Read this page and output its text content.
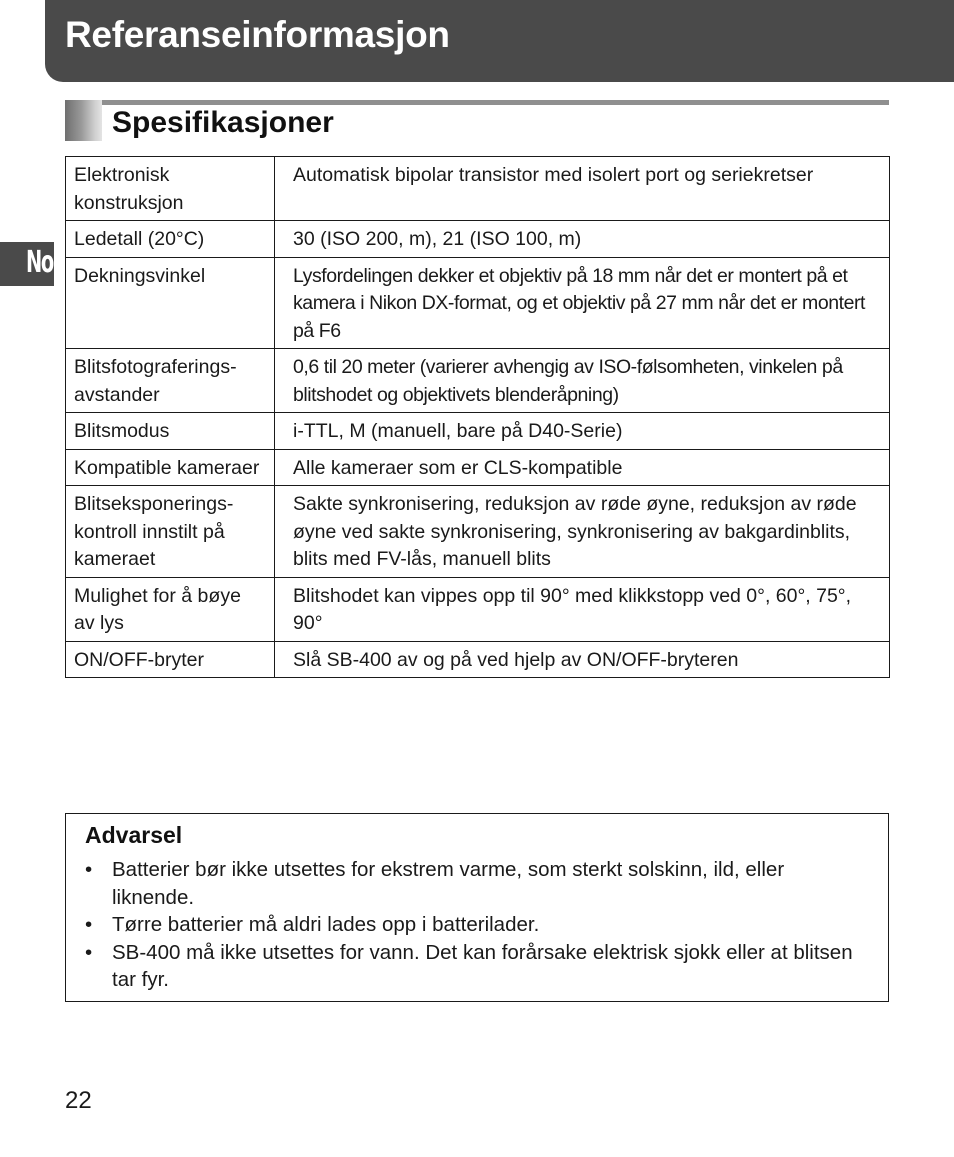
Referanseinformasjon
No
Spesifikasjoner
Elektronisk konstruksjon	Automatisk bipolar transistor med isolert port og seriekretser
Ledetall (20°C)	30 (ISO 200, m), 21 (ISO 100, m)
Dekningsvinkel	Lysfordelingen dekker et objektiv på 18 mm når det er montert på et kamera i Nikon DX-format, og et objektiv på 27 mm når det er montert på F6
Blitsfotograferings-avstander	0,6 til 20 meter (varierer avhengig av ISO-følsomheten, vinkelen på blitshodet og objektivets blenderåpning)
Blitsmodus	i-TTL, M (manuell, bare på D40-Serie)
Kompatible kameraer	Alle kameraer som er CLS-kompatible
Blitseksponerings-kontroll innstilt på kameraet	Sakte synkronisering, reduksjon av røde øyne, reduksjon av røde øyne ved sakte synkronisering, synkronisering av bakgardinblits, blits med FV-lås, manuell blits
Mulighet for å bøye av lys	Blitshodet kan vippes opp til 90° med klikkstopp ved 0°, 60°, 75°, 90°
ON/OFF-bryter	Slå SB-400 av og på ved hjelp av ON/OFF-bryteren
Advarsel
• Batterier bør ikke utsettes for ekstrem varme, som sterkt solskinn, ild, eller liknende.
• Tørre batterier må aldri lades opp i batterilader.
• SB-400 må ikke utsettes for vann. Det kan forårsake elektrisk sjokk eller at blitsen tar fyr.
22
